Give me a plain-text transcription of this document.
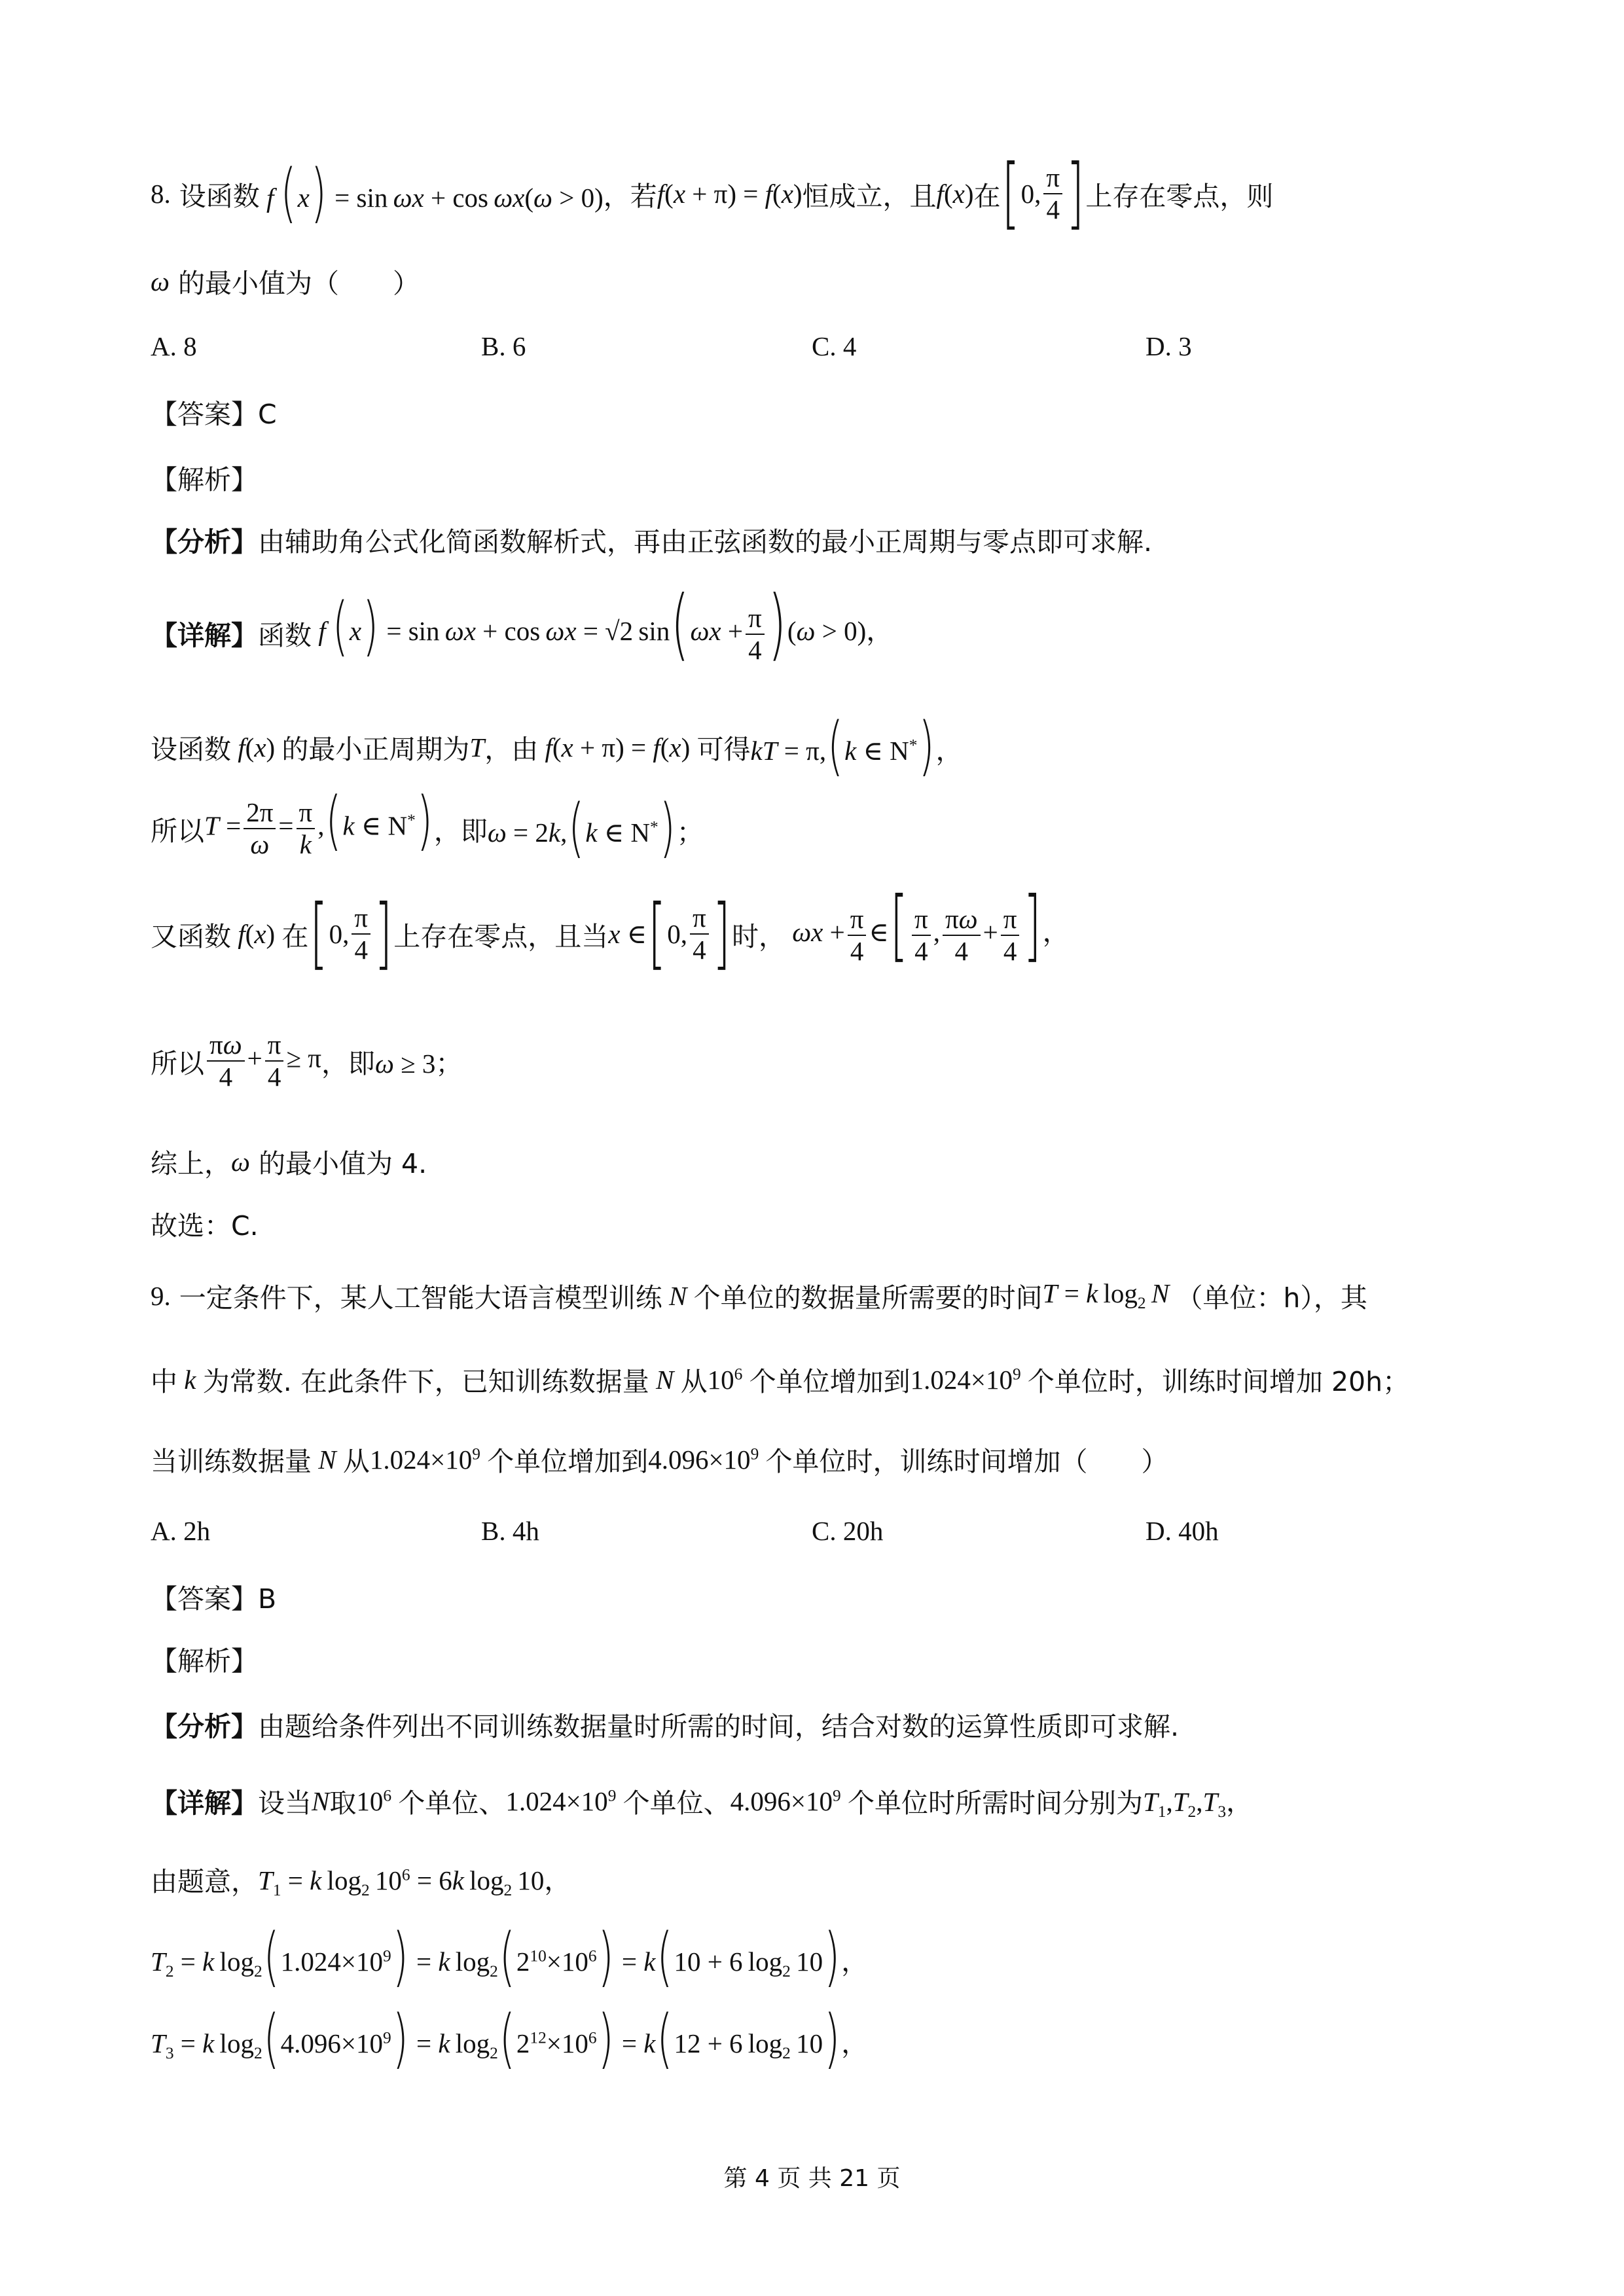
8.
设函数 f  (x) = sin ωx + cos ωx(ω > 0) ，若 f(x + π) = f(x) 恒成立，且 f(x) 在 [ 0, $\frac{\pi}{4}$ ] 上存在零点，则
ω
的最小值为（　　）
A. 8	B. 6	C. 4	D. 3
【答案】C
【解析】
【分析】 由辅助角公式化简函数解析式，再由正弦函数的最小正周期与零点即可求解.
【详解】 函数 f  (x) = sin ωx + cos ωx = √2 $\sin(\omega x + \frac{\pi}{4} )(\omega > 0)$，
设函数 f(x) 的最小正周期为 T ，由 f(x + π) = f(x) 可得 kT = π,(k ∈ N*)，
所以 $T = \frac{2\pi}{\omega} = \frac{\pi}{k} ,(k$ ∈ N*) ，即 ω = 2k,(k ∈ N*)；
又函数 f(x) 在 [ 0, $\frac{\pi}{4}$ ] 上存在零点，且当 x ∈ [ 0, $\frac{\pi}{4}$ ] 时， $\omega x + \frac{\pi}{4}$ ∈[ $\frac{\pi}{4}$ , $\frac{\pi\omega}{4} + \frac{\pi}{4}$ ]，
所以 $\frac{\pi\omega}{4} + \frac{\pi}{4} \ge \pi$ ，即 ω ≥ 3；
综上， ω
的最小值为 4.
故选：C.
9.
一定条件下，某人工智能大语言模型训练 N 个单位的数据量所需要的时间 T = k $\log_2 N$ （单位：h），其
中 k 为常数. 在此条件下，已知训练数据量 N 从 $10^6$ 个单位增加到 $1.024\times 10^9$ 个单位时，训练时间增加 20h；
当训练数据量 N 从 $1.024\times 10^9$ 个单位增加到 $4.096\times 10^9$ 个单位时，训练时间增加（　　）
A. 2h	B. 4h	C. 20h	D. 40h
【答案】B
【解析】
【分析】 由题给条件列出不同训练数据量时所需的时间，结合对数的运算性质即可求解.
【详解】 设当 N 取 $10^6$ 个单位、 $1.024\times 10^9$ 个单位、 $4.096\times 10^9$ 个单位时所需时间分别为 $T_1,T_2,T_3$，
由题意， $T_1 = k$ $\log_2 10^6 = 6k$ $\log_2 10$，
$T_2 = k$ $\log_2(1.024\times 10^9) = k$ $\log_2(2^{10}\times 10^6) = k(10 + 6$ $\log_2 10$)，
$T_3 = k$ $\log_2(4.096\times 10^9) = k$ $\log_2(2^{12}\times 10^6) = k(12 + 6$ $\log_2 10$)，
第 4 页 共 21 页
